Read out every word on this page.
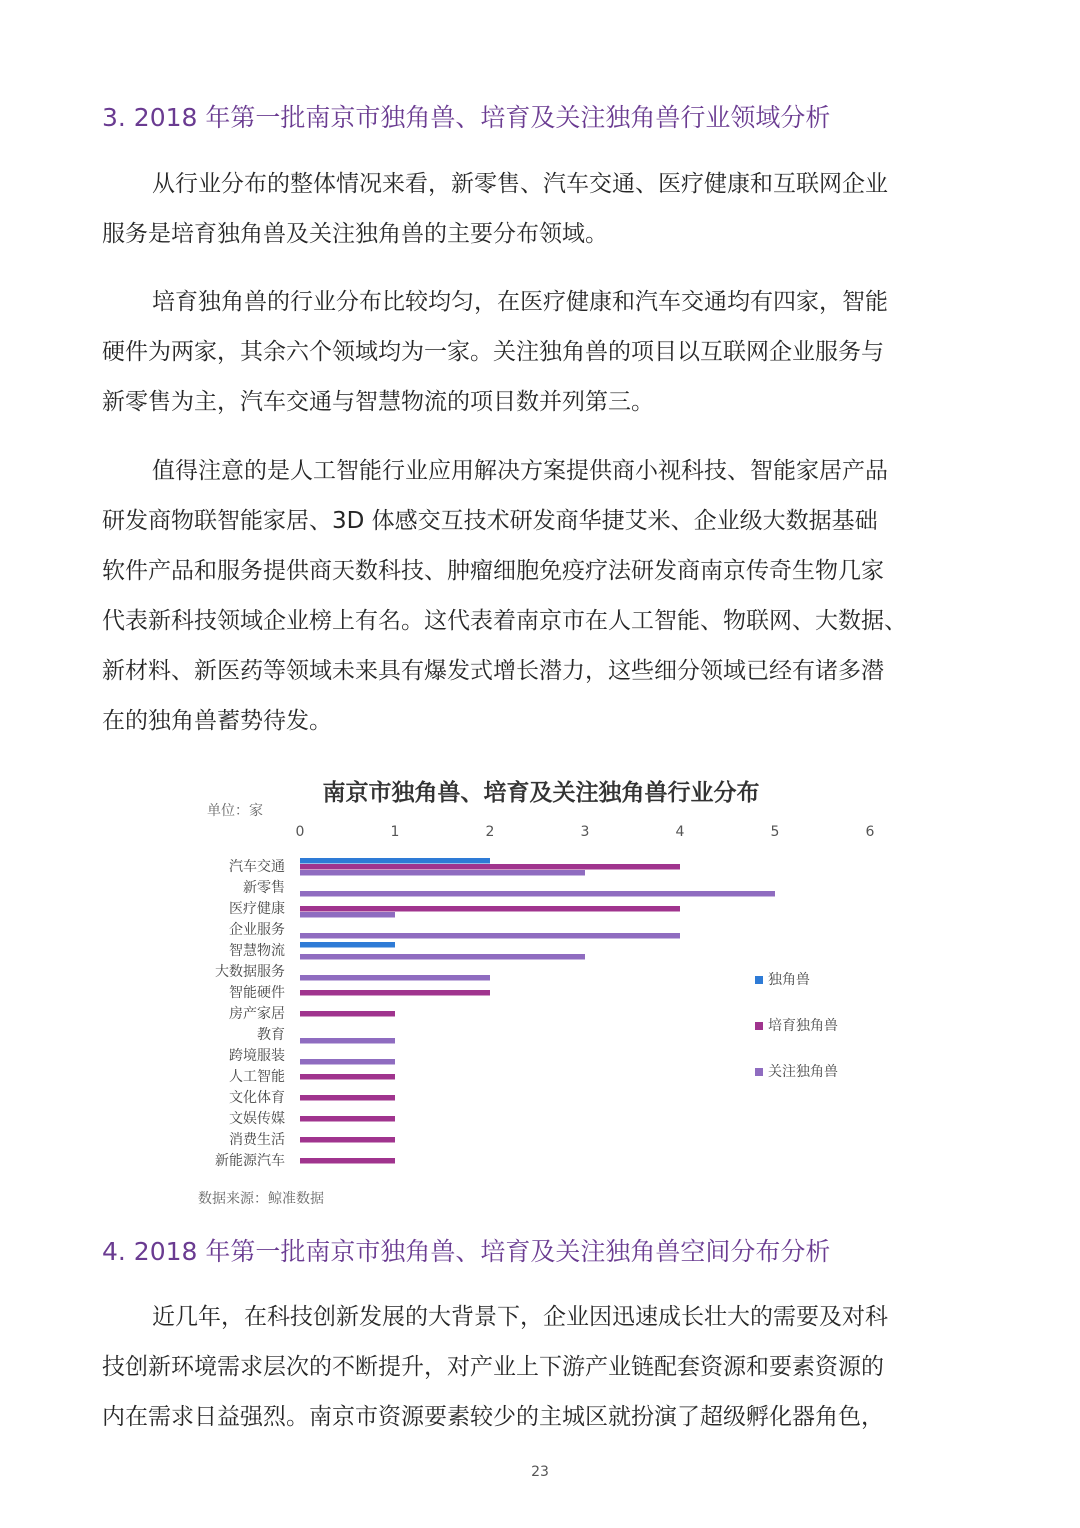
3. 2018 年第一批南京市独角兽、培育及关注独角兽行业领域分析
从行业分布的整体情况来看，新零售、汽车交通、医疗健康和互联网企业
服务是培育独角兽及关注独角兽的主要分布领域。
培育独角兽的行业分布比较均匀，在医疗健康和汽车交通均有四家，智能
硬件为两家，其余六个领域均为一家。关注独角兽的项目以互联网企业服务与
新零售为主，汽车交通与智慧物流的项目数并列第三。
值得注意的是人工智能行业应用解决方案提供商小视科技、智能家居产品
研发商物联智能家居、3D 体感交互技术研发商华捷艾米、企业级大数据基础
软件产品和服务提供商天数科技、肿瘤细胞免疫疗法研发商南京传奇生物几家
代表新科技领域企业榜上有名。这代表着南京市在人工智能、物联网、大数据、
新材料、新医药等领域未来具有爆发式增长潜力，这些细分领域已经有诸多潜
在的独角兽蓄势待发。
南京市独角兽、培育及关注独角兽行业分布
单位：家
0	1	2	3	4	5	6
汽车交通
新零售
医疗健康
企业服务
智慧物流
大数据服务
智能硬件
房产家居
教育
跨境服装
人工智能
文化体育
文娱传媒
消费生活
新能源汽车
独角兽
培育独角兽
关注独角兽
数据来源：鲸准数据
4. 2018 年第一批南京市独角兽、培育及关注独角兽空间分布分析
近几年，在科技创新发展的大背景下，企业因迅速成长壮大的需要及对科
技创新环境需求层次的不断提升，对产业上下游产业链配套资源和要素资源的
内在需求日益强烈。南京市资源要素较少的主城区就扮演了超级孵化器角色，
23
